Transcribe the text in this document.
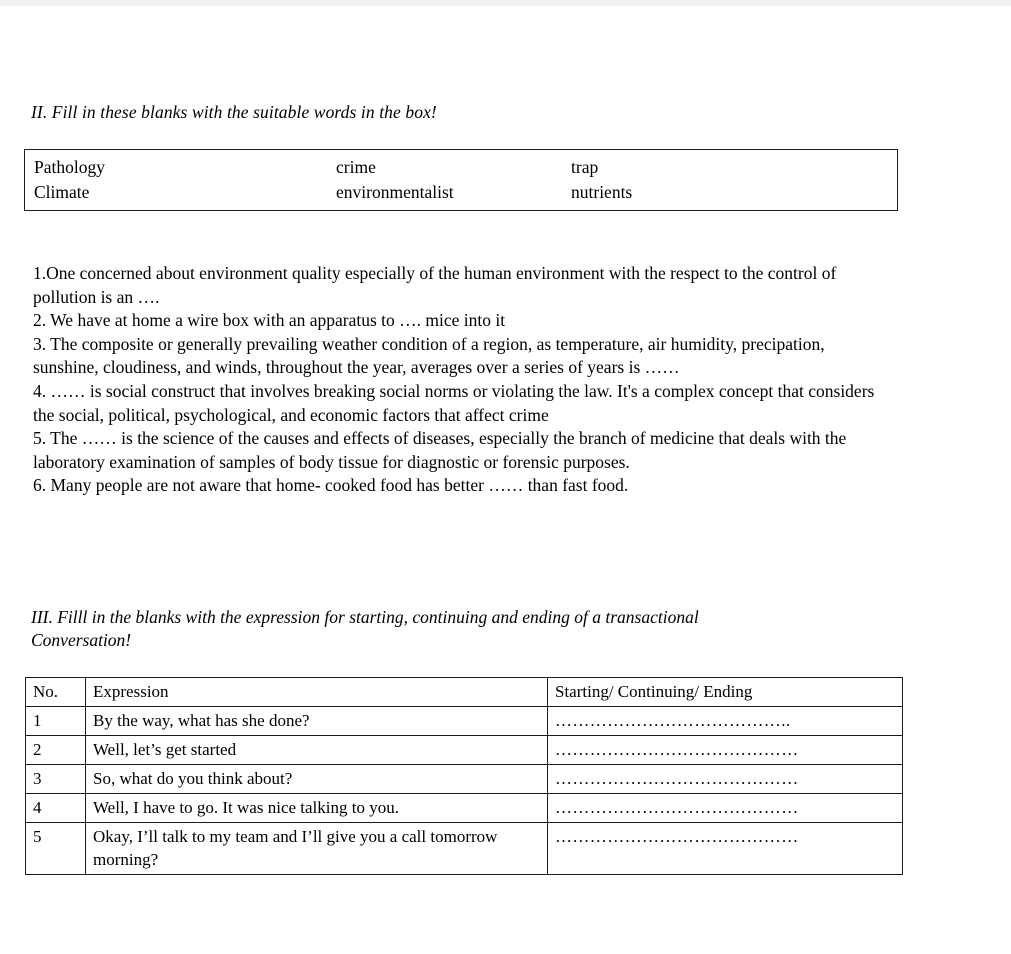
II. Fill in these blanks with the suitable words in the box!
Pathology	crime	trap
Climate	environmentalist	nutrients

1.One concerned about environment quality especially of the human environment with the respect to the control of pollution is an ….

2. We have at home a wire box with an apparatus to …. mice into it

3. The composite or generally prevailing weather condition of a region, as temperature, air humidity, precipation, sunshine, cloudiness, and winds, throughout the year, averages over a series of years is ……

4. …… is social construct that involves breaking social norms or violating the law. It's a complex concept that considers the social, political, psychological, and economic factors that affect crime

5. The …… is the science of the causes and effects of diseases, especially the branch of medicine that deals with the laboratory examination of samples of body tissue for diagnostic or forensic purposes.

6. Many people are not aware that home- cooked food has better …… than fast food.

III. Filll in the blanks with the expression for starting, continuing and ending of a transactional
Conversation!
No.	Expression	Starting/ Continuing/ Ending
1	By the way, what has she done?	…………………………………..
2	Well, let’s get started	……………………………………
3	So, what do you think about?	……………………………………
4	Well, I have to go. It was nice talking to you.	……………………………………
5	Okay, I’ll talk to my team and I’ll give you a call tomorrow morning?	……………………………………
